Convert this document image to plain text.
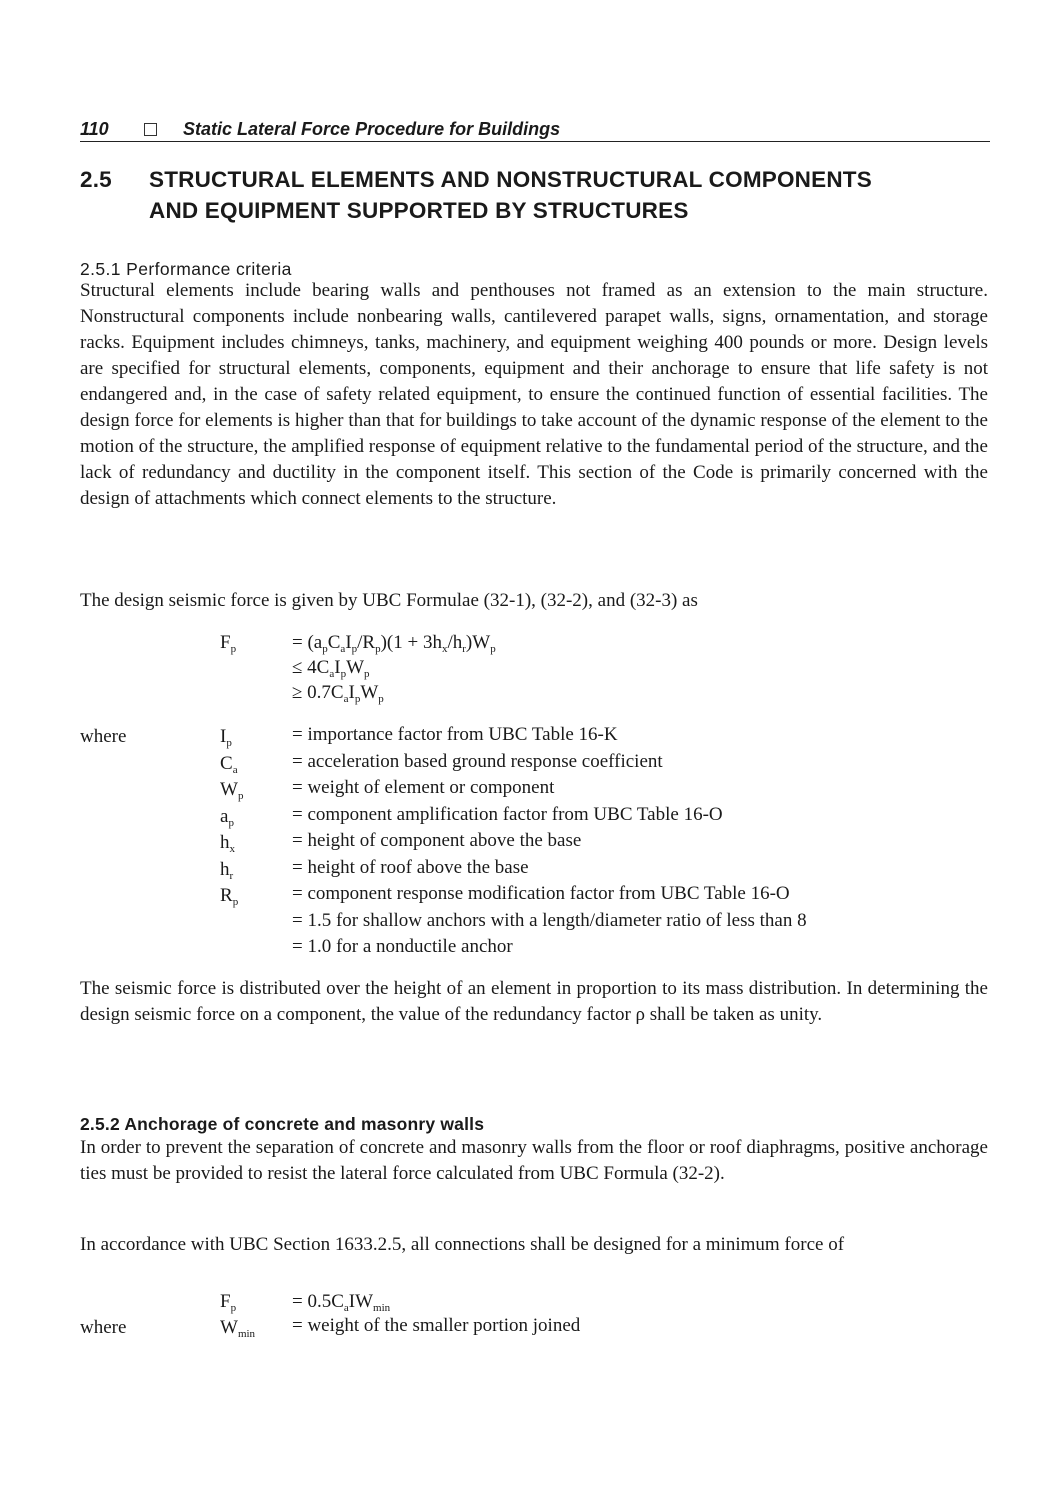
110	Static Lateral Force Procedure for Buildings
2.5 STRUCTURAL ELEMENTS AND NONSTRUCTURAL COMPONENTS
AND EQUIPMENT SUPPORTED BY STRUCTURES
2.5.1 Performance criteria

Structural elements include bearing walls and penthouses not framed as an extension to the main structure. Nonstructural components include nonbearing walls, cantilevered parapet walls, signs, ornamentation, and storage racks. Equipment includes chimneys, tanks, machinery, and equipment weighing 400 pounds or more. Design levels are specified for structural elements, components, equipment and their anchorage to ensure that life safety is not endangered and, in the case of safety related equipment, to ensure the continued function of essential facilities. The design force for elements is higher than that for buildings to take account of the dynamic response of the element to the motion of the structure, the amplified response of equipment relative to the fundamental period of the structure, and the lack of redundancy and ductility in the component itself. This section of the Code is primarily concerned with the design of attachments which connect elements to the structure.

The design seismic force is given by UBC Formulae (32-1), (32-2), and (32-3) as

$F_p$	= $(a_pC_aI_p/R_p)(1 + 3h_x/h_r)W_p$
≤ $4C_aI_pW_p$
≥ $0.7C_aI_pW_p$
where	$I_p$	= importance factor from UBC Table 16-K
$C_a$	= acceleration based ground response coefficient
$W_p$	= weight of element or component
$a_p$	= component amplification factor from UBC Table 16-O
$h_x$	= height of component above the base
$h_r$	= height of roof above the base
$R_p$	= component response modification factor from UBC Table 16-O
= 1.5 for shallow anchors with a length/diameter ratio of less than 8
= 1.0 for a nonductile anchor

The seismic force is distributed over the height of an element in proportion to its mass distribution. In determining the design seismic force on a component, the value of the redundancy factor ρ shall be taken as unity.

2.5.2 Anchorage of concrete and masonry walls

In order to prevent the separation of concrete and masonry walls from the floor or roof diaphragms, positive anchorage ties must be provided to resist the lateral force calculated from UBC Formula (32-2).

In accordance with UBC Section 1633.2.5, all connections shall be designed for a minimum force of

$F_p$	= $0.5C_aIW_{min}$
where	$W_{min}$ = weight of the smaller portion joined
